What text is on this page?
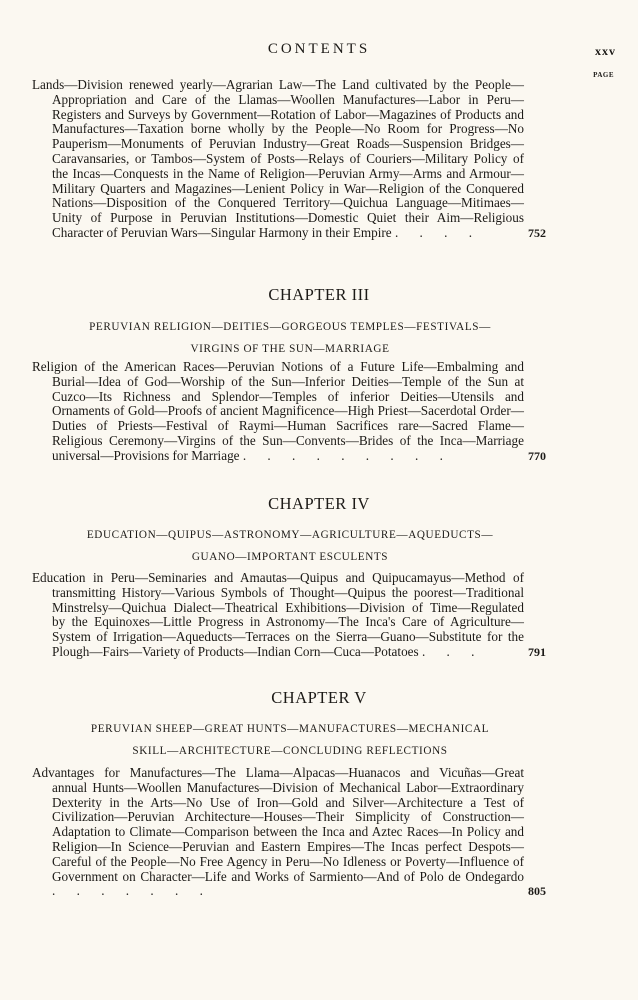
CONTENTS	xxv
PAGE
Lands—Division renewed yearly—Agrarian Law—The Land cultivated by the People—Appropriation and Care of the Llamas—Woollen Manufactures—Labor in Peru—Registers and Surveys by Government—Rotation of Labor—Magazines of Products and Manufactures—Taxation borne wholly by the People—No Room for Progress—No Pauperism—Monuments of Peruvian Industry—Great Roads—Suspension Bridges—Caravansaries, or Tambos—System of Posts—Relays of Couriers—Military Policy of the Incas—Conquests in the Name of Religion—Peruvian Army—Arms and Armour—Military Quarters and Magazines—Lenient Policy in War—Religion of the Conquered Nations—Disposition of the Conquered Territory—Quichua Language—Mitimaes—Unity of Purpose in Peruvian Institutions—Domestic Quiet their Aim—Religious Character of Peruvian Wars—Singular Harmony in their Empire . . . .	752
CHAPTER III
PERUVIAN RELIGION—DEITIES—GORGEOUS TEMPLES—FESTIVALS—
VIRGINS OF THE SUN—MARRIAGE
Religion of the American Races—Peruvian Notions of a Future Life—Embalming and Burial—Idea of God—Worship of the Sun—Inferior Deities—Temple of the Sun at Cuzco—Its Richness and Splendor—Temples of inferior Deities—Utensils and Ornaments of Gold—Proofs of ancient Magnificence—High Priest—Sacerdotal Order—Duties of Priests—Festival of Raymi—Human Sacrifices rare—Sacred Flame—Religious Ceremony—Virgins of the Sun—Convents—Brides of the Inca—Marriage universal—Provisions for Marriage . . . . . . . . .	770
CHAPTER IV
EDUCATION—QUIPUS—ASTRONOMY—AGRICULTURE—AQUEDUCTS—
GUANO—IMPORTANT ESCULENTS
Education in Peru—Seminaries and Amautas—Quipus and Quipucamayus—Method of transmitting History—Various Symbols of Thought—Quipus the poorest—Traditional Minstrelsy—Quichua Dialect—Theatrical Exhibitions—Division of Time—Regulated by the Equinoxes—Little Progress in Astronomy—The Inca's Care of Agriculture—System of Irrigation—Aqueducts—Terraces on the Sierra—Guano—Substitute for the Plough—Fairs—Variety of Products—Indian Corn—Cuca—Potatoes . . .	791
CHAPTER V
PERUVIAN SHEEP—GREAT HUNTS—MANUFACTURES—MECHANICAL
SKILL—ARCHITECTURE—CONCLUDING REFLECTIONS
Advantages for Manufactures—The Llama—Alpacas—Huanacos and Vicuñas—Great annual Hunts—Woollen Manufactures—Division of Mechanical Labor—Extraordinary Dexterity in the Arts—No Use of Iron—Gold and Silver—Architecture a Test of Civilization—Peruvian Architecture—Houses—Their Simplicity of Construction—Adaptation to Climate—Comparison between the Inca and Aztec Races—In Policy and Religion—In Science—Peruvian and Eastern Empires—The Incas perfect Despots—Careful of the People—No Free Agency in Peru—No Idleness or Poverty—Influence of Government on Character—Life and Works of Sarmiento—And of Polo de Ondegardo . . . . . . .	805
